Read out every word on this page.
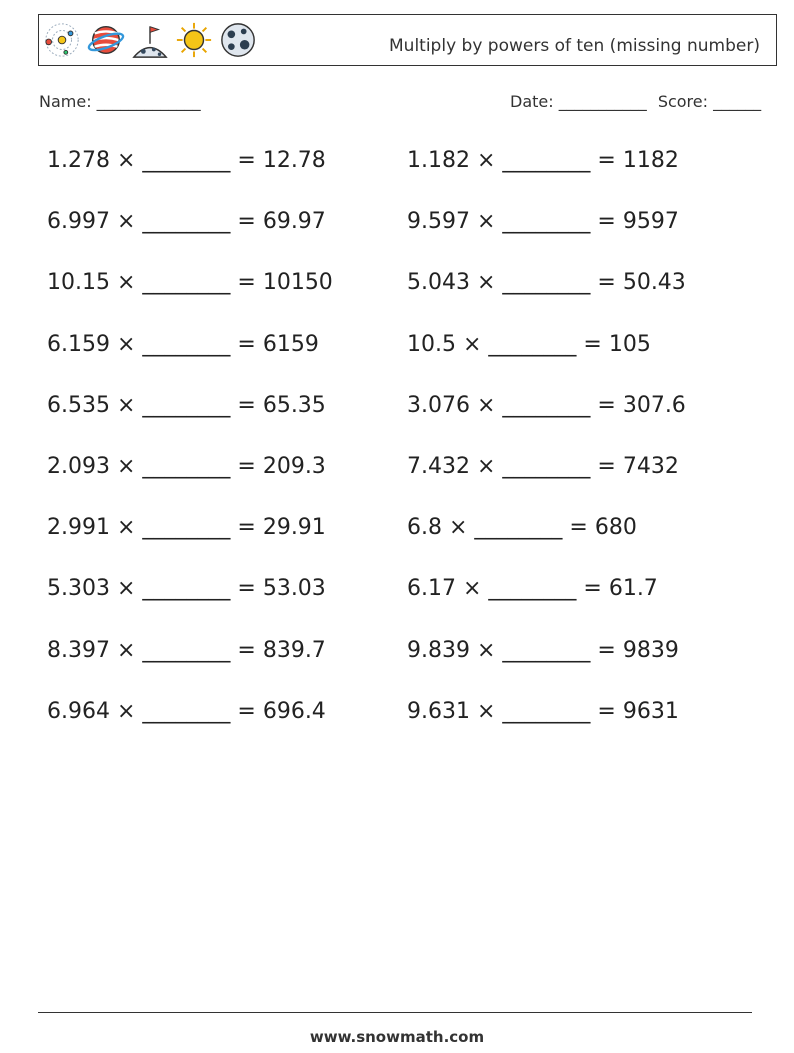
Multiply by powers of ten (missing number)
Name: _____________	Date: ___________ Score: ______
1.278 × ________ = 12.78
6.997 × ________ = 69.97
10.15 × ________ = 10150
6.159 × ________ = 6159
6.535 × ________ = 65.35
2.093 × ________ = 209.3
2.991 × ________ = 29.91
5.303 × ________ = 53.03
8.397 × ________ = 839.7
6.964 × ________ = 696.4
1.182 × ________ = 1182
9.597 × ________ = 9597
5.043 × ________ = 50.43
10.5 × ________ = 105
3.076 × ________ = 307.6
7.432 × ________ = 7432
6.8 × ________ = 680
6.17 × ________ = 61.7
9.839 × ________ = 9839
9.631 × ________ = 9631
www.snowmath.com
